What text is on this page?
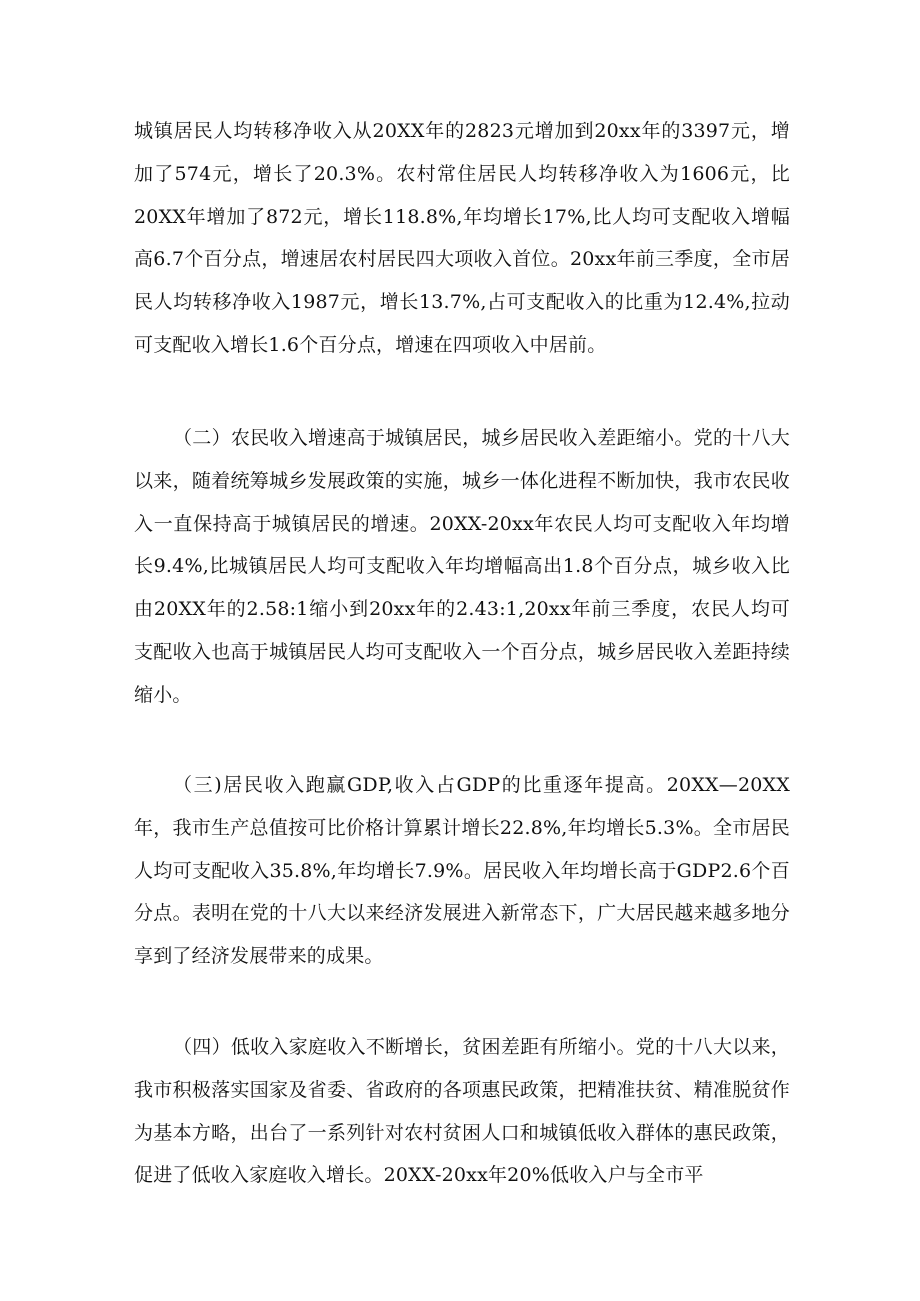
城镇居民人均转移净收入从20XX年的2823元增加到20xx年的3397元，增加了574元，增长了20.3%。农村常住居民人均转移净收入为1606元，比20XX年增加了872元，增长118.8%,年均增长17%,比人均可支配收入增幅高6.7个百分点，增速居农村居民四大项收入首位。20xx年前三季度，全市居民人均转移净收入1987元，增长13.7%,占可支配收入的比重为12.4%,拉动可支配收入增长1.6个百分点，增速在四项收入中居前。

（二）农民收入增速高于城镇居民，城乡居民收入差距缩小。党的十八大以来，随着统筹城乡发展政策的实施，城乡一体化进程不断加快，我市农民收入一直保持高于城镇居民的增速。20XX-20xx年农民人均可支配收入年均增长9.4%,比城镇居民人均可支配收入年均增幅高出1.8个百分点，城乡收入比由20XX年的2.58:1缩小到20xx年的2.43:1,20xx年前三季度，农民人均可支配收入也高于城镇居民人均可支配收入一个百分点，城乡居民收入差距持续缩小。

（三)居民收入跑赢GDP,收入占GDP的比重逐年提高。20XX—20XX年，我市生产总值按可比价格计算累计增长22.8%,年均增长5.3%。全市居民人均可支配收入35.8%,年均增长7.9%。居民收入年均增长高于GDP2.6个百分点。表明在党的十八大以来经济发展进入新常态下，广大居民越来越多地分享到了经济发展带来的成果。

（四）低收入家庭收入不断增长，贫困差距有所缩小。党的十八大以来，我市积极落实国家及省委、省政府的各项惠民政策，把精准扶贫、精准脱贫作为基本方略，出台了一系列针对农村贫困人口和城镇低收入群体的惠民政策，促进了低收入家庭收入增长。20XX-20xx年20%低收入户与全市平
